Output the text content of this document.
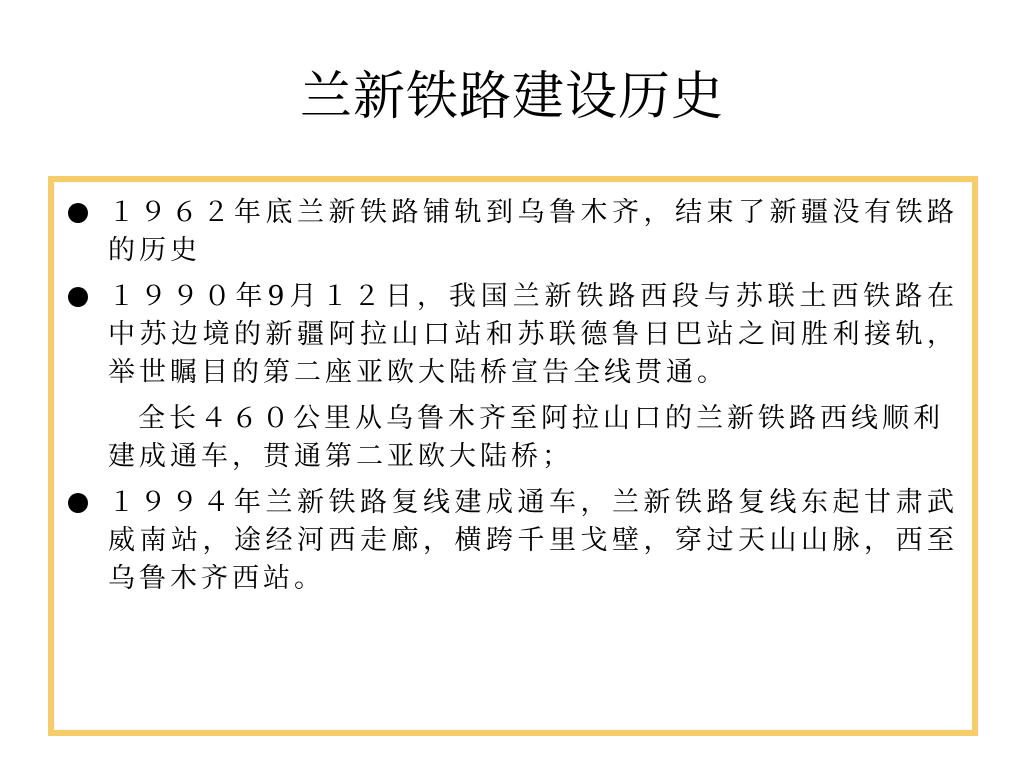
兰新铁路建设历史
１９６２年底兰新铁路铺轨到乌鲁木齐，结束了新疆没有铁路的历史
１９９０年9月１２日，我国兰新铁路西段与苏联土西铁路在中苏边境的新疆阿拉山口站和苏联德鲁日巴站之间胜利接轨，举世瞩目的第二座亚欧大陆桥宣告全线贯通。
全长４６０公里从乌鲁木齐至阿拉山口的兰新铁路西线顺利建成通车，贯通第二亚欧大陆桥；
１９９４年兰新铁路复线建成通车，兰新铁路复线东起甘肃武威南站，途经河西走廊，横跨千里戈壁，穿过天山山脉，西至乌鲁木齐西站。
